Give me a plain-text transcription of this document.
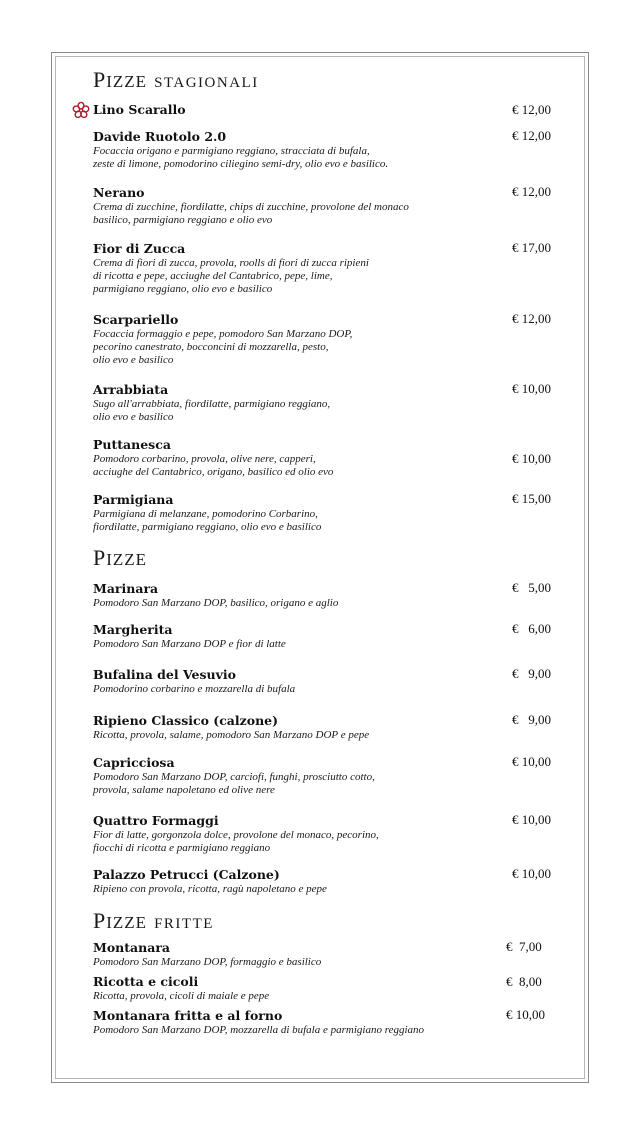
PIZZE STAGIONALI
Lino Scarallo	€ 12,00
Davide Ruotolo 2.0
Focaccia origano e parmigiano reggiano, stracciata di bufala,
zeste di limone, pomodorino ciliegino semi-dry, olio evo e basilico.
€ 12,00
Nerano
Crema di zucchine, fiordilatte, chips di zucchine, provolone del monaco
basilico, parmigiano reggiano e olio evo
€ 12,00
Fior di Zucca
Crema di fiori di zucca, provola, roolls di fiori di zucca ripieni
di ricotta e pepe, acciughe del Cantabrico, pepe, lime,
parmigiano reggiano, olio evo e basilico
€ 17,00
Scarpariello
Focaccia formaggio e pepe, pomodoro San Marzano DOP,
pecorino canestrato, bocconcini di mozzarella, pesto,
olio evo e basilico
€ 12,00
Arrabbiata
Sugo all'arrabbiata, fiordilatte, parmigiano reggiano,
olio evo e basilico
€ 10,00
Puttanesca
Pomodoro corbarino, provola, olive nere, capperi,
acciughe del Cantabrico, origano, basilico ed olio evo
€ 10,00
Parmigiana
Parmigiana di melanzane, pomodorino Corbarino,
fiordilatte, parmigiano reggiano, olio evo e basilico
€ 15,00
PIZZE
Marinara
Pomodoro San Marzano DOP, basilico, origano e aglio
€   5,00
Margherita
Pomodoro San Marzano DOP e fior di latte
€   6,00
Bufalina del Vesuvio
Pomodorino corbarino e mozzarella di bufala
€   9,00
Ripieno Classico (calzone)
Ricotta, provola, salame, pomodoro San Marzano DOP e pepe
€   9,00
Capricciosa
Pomodoro San Marzano DOP, carciofi, funghi, prosciutto cotto,
provola, salame napoletano ed olive nere
€ 10,00
Quattro Formaggi
Fior di latte, gorgonzola dolce, provolone del monaco, pecorino,
fiocchi di ricotta e parmigiano reggiano
€ 10,00
Palazzo Petrucci (Calzone)
Ripieno con provola, ricotta, ragù napoletano e pepe
€ 10,00
PIZZE FRITTE
Montanara
Pomodoro San Marzano DOP, formaggio e basilico
€  7,00
Ricotta e cicoli
Ricotta, provola, cicoli di maiale e pepe
€  8,00
Montanara fritta e al forno
Pomodoro San Marzano DOP, mozzarella di bufala e parmigiano reggiano
€ 10,00
